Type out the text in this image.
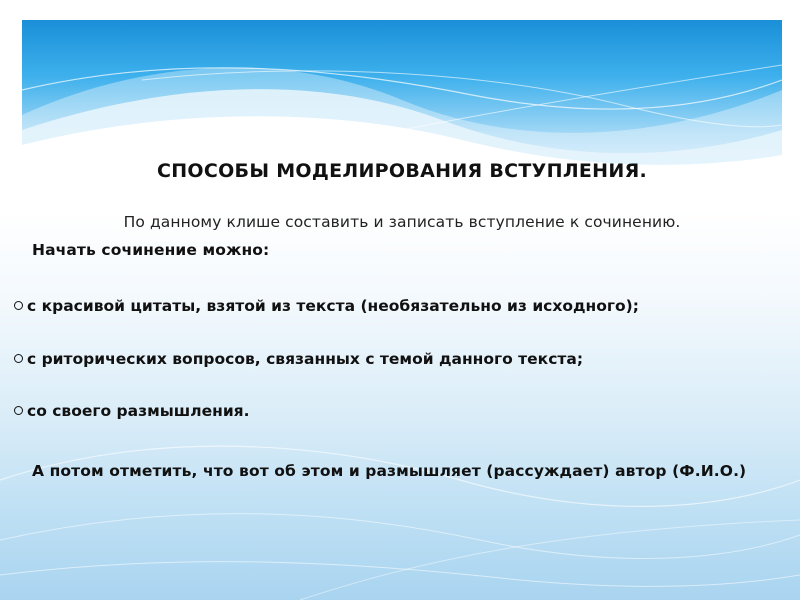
СПОСОБЫ МОДЕЛИРОВАНИЯ ВСТУПЛЕНИЯ.

По данному клише составить и записать вступление к сочинению.

Начать сочинение можно:

с красивой цитаты, взятой из текста (необязательно из исходного);
с риторических вопросов, связанных с темой данного текста;
со своего размышления.

А потом отметить, что вот об этом и размышляет (рассуждает) автор (Ф.И.О.)
